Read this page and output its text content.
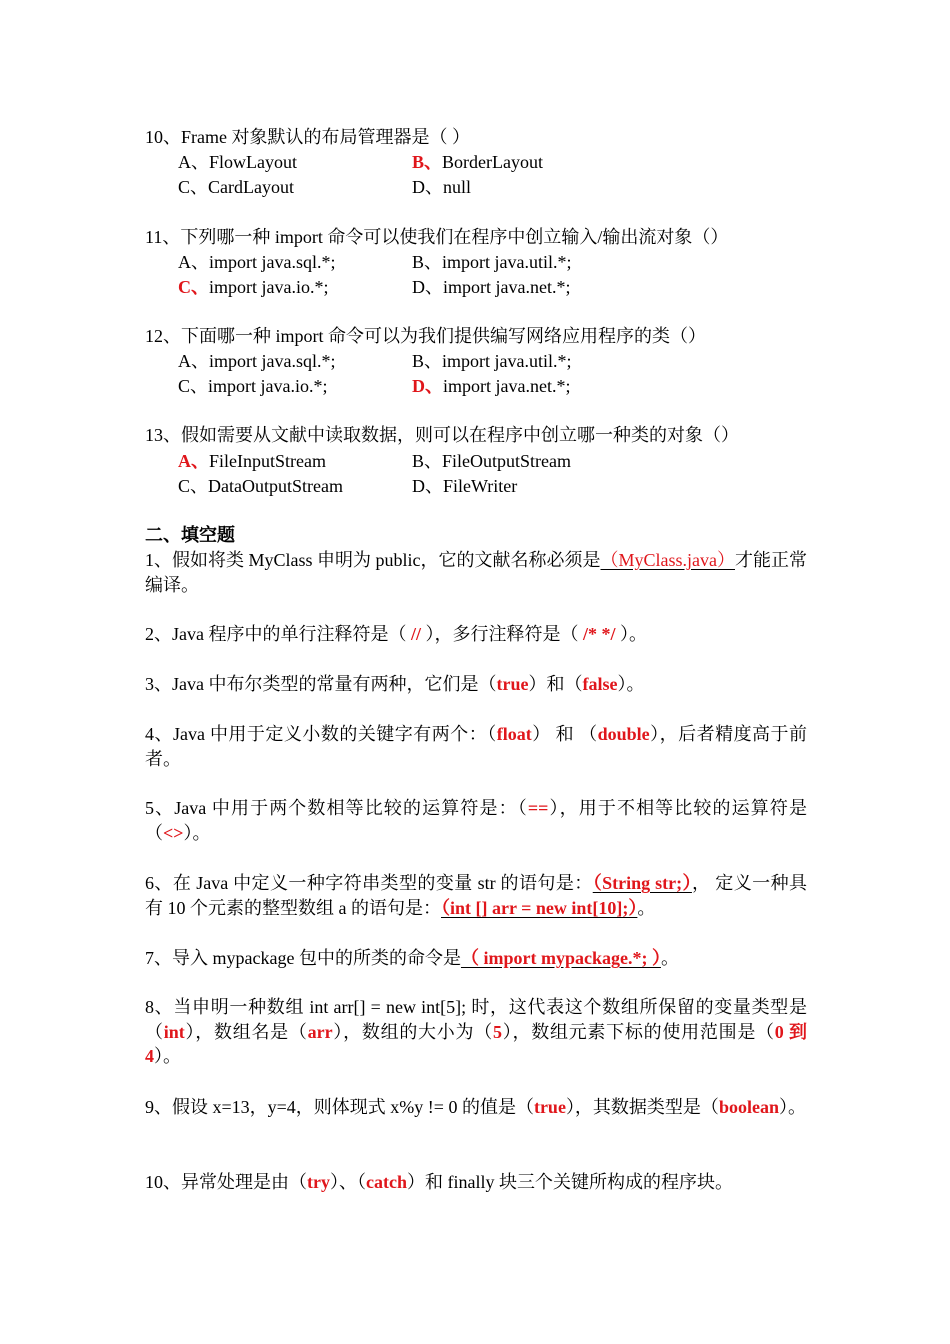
10、Frame 对象默认的布局管理器是（ ）
A、FlowLayout	B、BorderLayout
C、CardLayout	D、null
11、下列哪一种 import 命令可以使我们在程序中创立输入/输出流对象（）
A、import java.sql.*;	B、import java.util.*;
C、import java.io.*;	D、import java.net.*;
12、下面哪一种 import 命令可以为我们提供编写网络应用程序的类（）
A、import java.sql.*;	B、import java.util.*;
C、import java.io.*;	D、import java.net.*;
13、假如需要从文献中读取数据，则可以在程序中创立哪一种类的对象（）
A、FileInputStream	B、FileOutputStream
C、DataOutputStream	D、FileWriter
二、填空题
1、假如将类 MyClass 申明为 public，它的文献名称必须是（MyClass.java）才能正常编译。
2、Java 程序中的单行注释符是（ // ），多行注释符是（ /* */ ）。
3、Java 中布尔类型的常量有两种，它们是（true）和（false）。
4、Java 中用于定义小数的关键字有两个：（float） 和 （double），后者精度高于前者。
5、Java 中用于两个数相等比较的运算符是：（==），用于不相等比较的运算符是（<>）。
6、在 Java 中定义一种字符串类型的变量 str 的语句是：（String str;）， 定义一种具有 10 个元素的整型数组 a 的语句是：（int [] arr = new int[10];）。
7、导入 mypackage 包中的所类的命令是（ import mypackage.*; ）。
8、当申明一种数组 int arr[] = new int[5]; 时，这代表这个数组所保留的变量类型是（int），数组名是（arr），数组的大小为（5），数组元素下标的使用范围是（0 到 4）。
9、假设 x=13，y=4，则体现式 x%y != 0 的值是（true），其数据类型是（boolean）。
10、异常处理是由（try）、（catch）和 finally 块三个关键所构成的程序块。
